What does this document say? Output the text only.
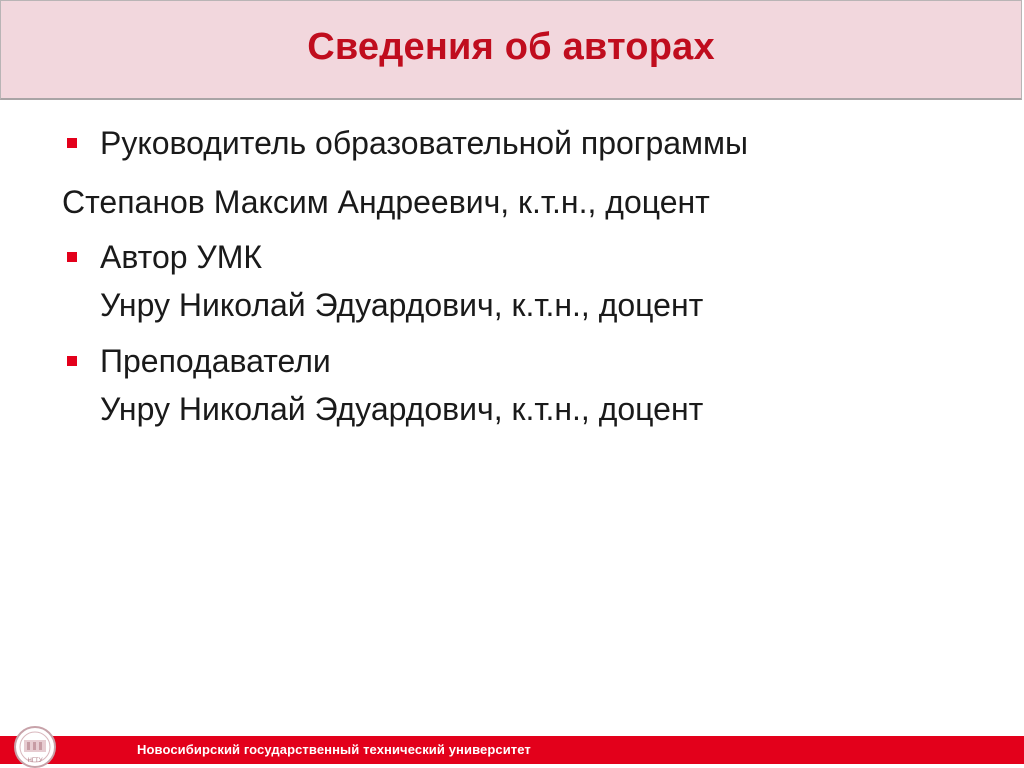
Сведения об авторах
Руководитель образовательной программы
Степанов Максим Андреевич, к.т.н., доцент
Автор УМК
Унру Николай Эдуардович, к.т.н., доцент
Преподаватели
Унру Николай Эдуардович, к.т.н., доцент
Новосибирский государственный технический университет
НГТУ
